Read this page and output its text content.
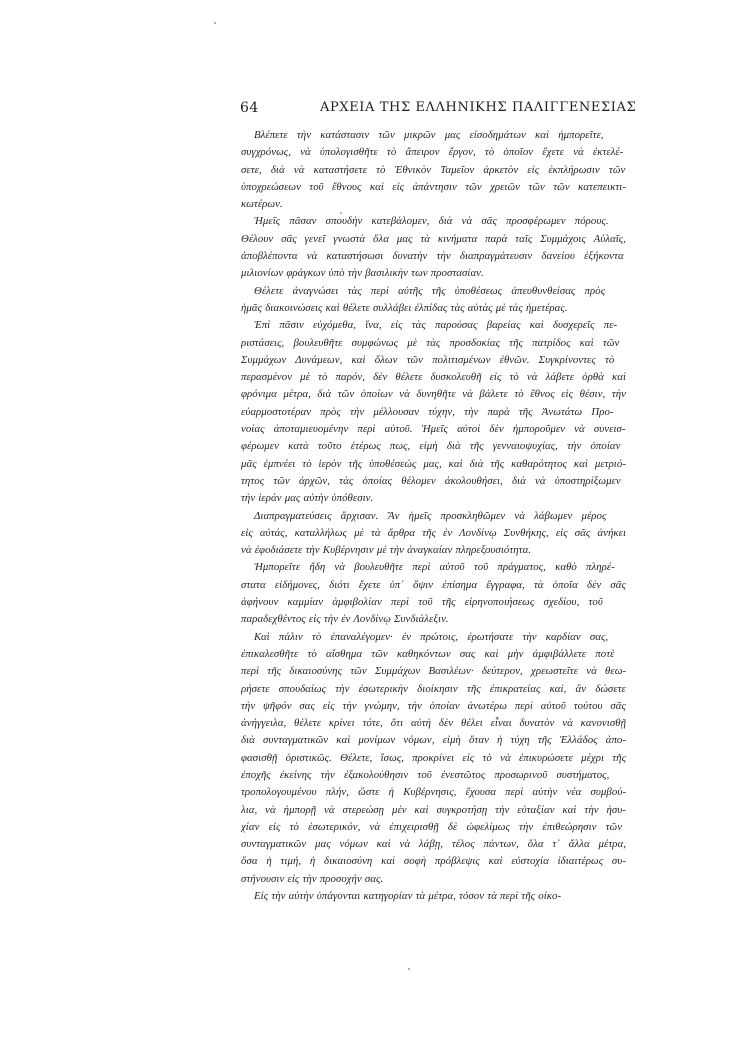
64	ΑΡΧΕΙΑ ΤΗΣ ΕΛΛΗΝΙΚΗΣ ΠΑΛΙΓΓΕΝΕΣΙΑΣ
Βλέπετε τὴν κατάστασιν τῶν μικρῶν μας εἰσοδημάτων καὶ ἠμπορεῖτε,
συγχρόνως, νὰ ὑπολογισθῆτε τὸ ἄπειρον ἔργον, τὸ ὁποῖον ἔχετε νὰ ἐκτελέ-
σετε, διὰ νὰ καταστήσετε τὸ Ἐθνικὸν Ταμεῖον ἀρκετὸν εἰς ἐκπλήρωσιν τῶν
ὑποχρεώσεων τοῦ ἔθνους καὶ εἰς ἀπάντησιν τῶν χρειῶν τῶν τῶν κατεπεικτι-
κωτέρων.
Ἡμεῖς πᾶσαν σπουδὴν κατεβάλομεν, διὰ νὰ σᾶς προσφέρωμεν πόρους.
Θέλουν σᾶς γενεῖ γνωστὰ ὅλα μας τὰ κινήματα παρὰ ταῖς Συμμάχοις Αὐλαῖς,
ἀποβλέποντα νὰ καταστήσωσι δυνατὴν τὴν διαπραγμάτευσιν δανείου ἑξήκοντα
μιλιονίων φράγκων ὑπὸ τὴν βασιλικὴν των προστασίαν.
Θέλετε ἀναγνώσει τὰς περὶ αὐτῆς τῆς ὑποθέσεως ἀπευθυνθείσας πρὸς
ἡμᾶς διακοινώσεις καὶ θέλετε συλλάβει ἐλπίδας τὰς αὐτὰς μὲ τὰς ἡμετέρας.
Ἐπὶ πᾶσιν εὐχόμεθα, ἵνα, εἰς τὰς παρούσας βαρείας καὶ δυσχερεῖς πε-
ριστάσεις, βουλευθῆτε συμφώνως μὲ τὰς προσδοκίας τῆς πατρίδος καὶ τῶν
Συμμάχων Δυνάμεων, καὶ ὅλων τῶν πολιτισμένων ἐθνῶν. Συγκρίνοντες τὸ
περασμένον μὲ τὸ παρόν, δὲν θέλετε δυσκολευθῆ εἰς τὸ νὰ λάβετε ὀρθὰ καὶ
φρόνιμα μέτρα, διὰ τῶν ὁποίων νὰ δυνηθῆτε νὰ βάλετε τὸ ἔθνος εἰς θέσιν, τὴν
εὐαρμοστοτέραν πρὸς τὴν μέλλουσαν τύχην, τὴν παρὰ τῆς Ἀνωτάτω Προ-
νοίας ἀποταμιευομένην περὶ αὐτοῦ. Ἡμεῖς αὐτοὶ δὲν ἠμποροῦμεν νὰ συνεισ-
φέρωμεν κατὰ τοῦτο ἑτέρως πως, εἰμὴ διὰ τῆς γενναιοψυχίας, τὴν ὁποίαν
μᾶς ἐμπνέει τὸ ἱερὸν τῆς ὑποθέσεώς μας, καὶ διὰ τῆς καθαρότητος καὶ μετριό-
τητος τῶν ἀρχῶν, τὰς ὁποίας θέλομεν ἀκολουθήσει, διὰ νὰ ὑποστηρίξωμεν
τὴν ἱεράν μας αὐτὴν ὑπόθεσιν.
Διαπραγματεύσεις ἄρχισαν. Ἂν ἡμεῖς προσκληθῶμεν νὰ λάβωμεν μέρος
εἰς αὐτάς, καταλλήλως μὲ τὰ ἄρθρα τῆς ἐν Λονδίνῳ Συνθήκης, εἰς σᾶς ἀνήκει
νὰ ἐφοδιάσετε τὴν Κυβέρνησιν μὲ τὴν ἀναγκαίαν πληρεξουσιότητα.
Ἠμπορεῖτε ἤδη νὰ βουλευθῆτε περὶ αὐτοῦ τοῦ πράγματος, καθὸ πληρέ-
στατα εἰδήμονες, διότι ἔχετε ὑπ᾿ ὄψιν ἐπίσημα ἔγγραφα, τὰ ὁποῖα δὲν σᾶς
ἀφήνουν καμμίαν ἀμφιβολίαν περὶ τοῦ τῆς εἰρηνοποιήσεως σχεδίου, τοῦ
παραδεχθέντος εἰς τὴν ἐν Λονδίνῳ Συνδιάλεξιν.
Καὶ πάλιν τὸ ἐπαναλέγομεν· ἐν πρώτοις, ἐρωτήσατε τὴν καρδίαν σας,
ἐπικαλεσθῆτε τὸ αἴσθημα τῶν καθηκόντων σας καὶ μὴν ἀμφιβάλλετε ποτὲ
περὶ τῆς δικαιοσύνης τῶν Συμμάχων Βασιλέων· δεύτερον, χρεωστεῖτε νὰ θεω-
ρήσετε σπουδαίως τὴν ἐσωτερικὴν διοίκησιν τῆς ἐπικρατείας καί, ἂν δώσετε
τὴν ψῆφόν σας εἰς τὴν γνώμην, τὴν ὁποίαν ἀνωτέρω περὶ αὐτοῦ τούτου σᾶς
ἀνήγγειλα, θέλετε κρίνει τότε, ὅτι αὐτὴ δὲν θέλει εἶναι δυνατὸν νὰ κανονισθῇ
διὰ συνταγματικῶν καὶ μονίμων νόμων, εἰμὴ ὅταν ἡ τύχη τῆς Ἑλλάδος ἀπο-
φασισθῇ ὁριστικῶς. Θέλετε, ἴσως, προκρίνει εἰς τὸ νὰ ἐπικυρώσετε μέχρι τῆς
ἐποχῆς ἐκείνης τὴν ἐξακολούθησιν τοῦ ἐνεστῶτος προσωρινοῦ συστήματος,
τροπολογουμένου πλήν, ὥστε ἡ Κυβέρνησις, ἔχουσα περὶ αὐτὴν νέα συμβού-
λια, νὰ ἠμπορῇ νὰ στερεώσῃ μὲν καὶ συγκροτήσῃ τὴν εὐταξίαν καὶ τὴν ἡσυ-
χίαν εἰς τὸ ἐσωτερικόν, νὰ ἐπιχειρισθῇ δὲ ὠφελίμως τὴν ἐπιθεώρησιν τῶν
συνταγματικῶν μας νόμων καὶ νὰ λάβῃ, τέλος πάντων, ὅλα τ᾿ ἄλλα μέτρα,
ὅσα ἡ τιμή, ἡ δικαιοσύνη καὶ σοφὴ πρόβλεψις καὶ εὐστοχία ἰδιαιτέρως συ-
στήνουσιν εἰς τὴν προσοχήν σας.
Εἰς τὴν αὐτὴν ὑπάγονται κατηγορίαν τὰ μέτρα, τόσον τὰ περὶ τῆς οἰκο-
